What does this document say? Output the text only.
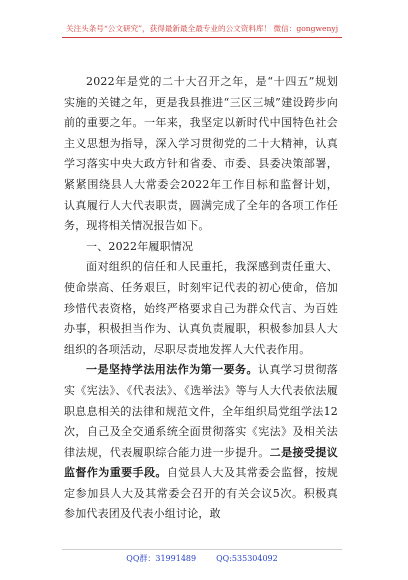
关注头条号“公文研究”，获得最新最全最专业的公文资料库！ 微信：gongwenyj

2022年是党的二十大召开之年，是“十四五”规划实施的关键之年，更是我县推进“三区三城”建设跨步向前的重要之年。一年来，我坚定以新时代中国特色社会主义思想为指导，深入学习贯彻党的二十大精神，认真学习落实中央大政方针和省委、市委、县委决策部署，紧紧围绕县人大常委会2022年工作目标和监督计划，认真履行人大代表职责，圆满完成了全年的各项工作任务，现将相关情况报告如下。

一、2022年履职情况

面对组织的信任和人民重托，我深感到责任重大、使命崇高、任务艰巨，时刻牢记代表的初心使命，倍加珍惜代表资格，始终严格要求自己为群众代言、为百姓办事，积极担当作为、认真负责履职，积极参加县人大组织的各项活动，尽职尽责地发挥人大代表作用。

一是坚持学法用法作为第一要务。认真学习贯彻落实《宪法》、《代表法》、《选举法》等与人大代表依法履职息息相关的法律和规范文件，全年组织局党组学法12次，自己及全交通系统全面贯彻落实《宪法》及相关法律法规，代表履职综合能力进一步提升。二是接受提议监督作为重要手段。自觉县人大及其常委会监督，按规定参加县人大及其常委会召开的有关会议5次。积极真参加代表团及代表小组讨论，敢

QQ群：31991489	QQ:535304092
